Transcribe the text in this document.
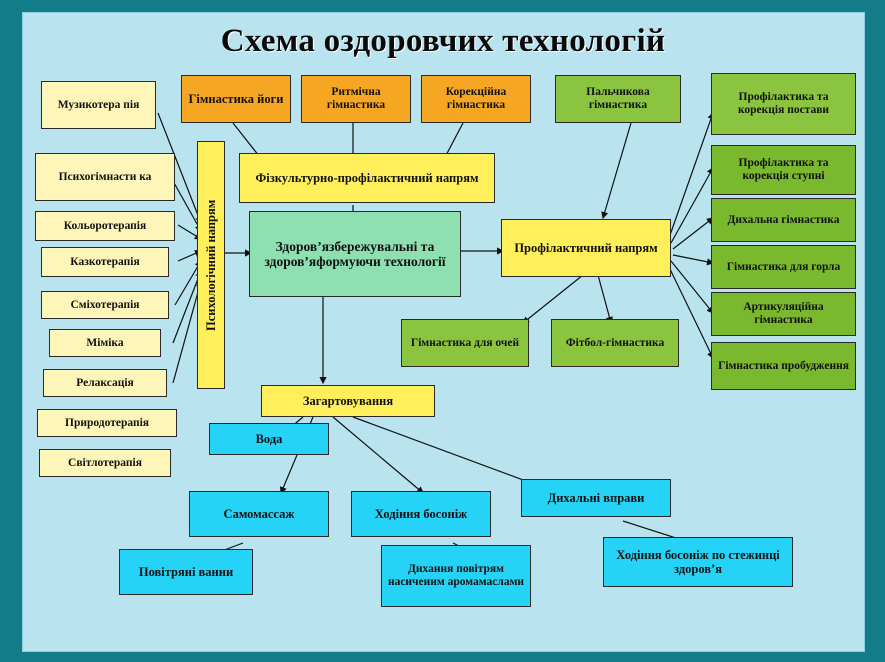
Схема оздоровчих технологій
Музикотера пія
Психогімнасти ка
Кольоротерапія
Казкотерапія
Сміхотерапія
Міміка
Релаксація
Природотерапія
Світлотерапія
Психологічний напрям
Гімнастика йоги	Ритмічна гімнастика
Корекційна гімнастика
Пальчикова гімнастика
Фізкультурно-профілактичний напрям
Здоров’язбережувальні та здоров’яформуючи технології
Профілактичний напрям
Профілактика та корекція постави
Профілактика та корекція ступні
Дихальна гімнастика
Гімнастика для горла
Артикуляційна гімнастика
Гімнастика пробудження
Гімнастика для очей	Фітбол-гімнастика
Загартовування
Вода
Самомассаж	Ходіння босоніж
Дихальні вправи
Повітряні ванни	Дихання повітрям насичеиим аромамаслами
Ходіння босоніж по стежинці здоров’я
